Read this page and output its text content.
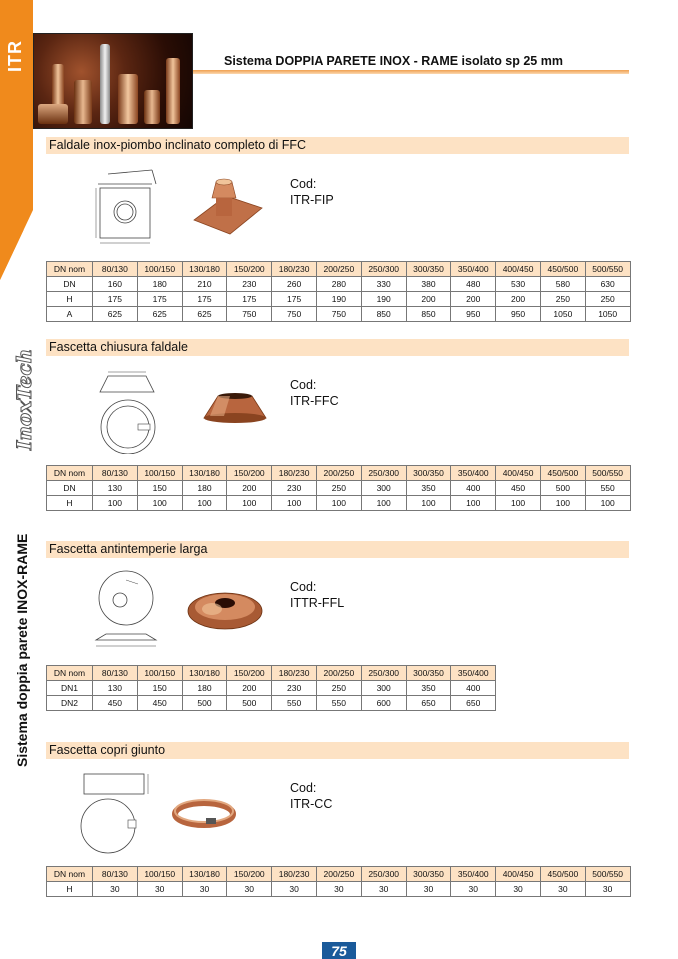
ITR
InoxTech
Sistema doppia parete INOX-RAME
Sistema DOPPIA PARETE INOX - RAME isolato sp 25 mm
Faldale inox-piombo inclinato completo di FFC
Cod:
ITR-FIP
DN nom	80/130	100/150	130/180	150/200	180/230	200/250	250/300	300/350	350/400	400/450	450/500	500/550
DN	160	180	210	230	260	280	330	380	480	530	580	630
H	175	175	175	175	175	190	190	200	200	200	250	250
A	625	625	625	750	750	750	850	850	950	950	1050	1050
Fascetta chiusura faldale
Cod:
ITR-FFC
DN nom	80/130	100/150	130/180	150/200	180/230	200/250	250/300	300/350	350/400	400/450	450/500	500/550
DN	130	150	180	200	230	250	300	350	400	450	500	550
H	100	100	100	100	100	100	100	100	100	100	100	100
Fascetta antintemperie larga
Cod:
ITTR-FFL
DN nom	80/130	100/150	130/180	150/200	180/230	200/250	250/300	300/350	350/400
DN1	130	150	180	200	230	250	300	350	400
DN2	450	450	500	500	550	550	600	650	650
Fascetta copri giunto
Cod:
ITR-CC
DN nom	80/130	100/150	130/180	150/200	180/230	200/250	250/300	300/350	350/400	400/450	450/500	500/550
H	30	30	30	30	30	30	30	30	30	30	30	30
75
